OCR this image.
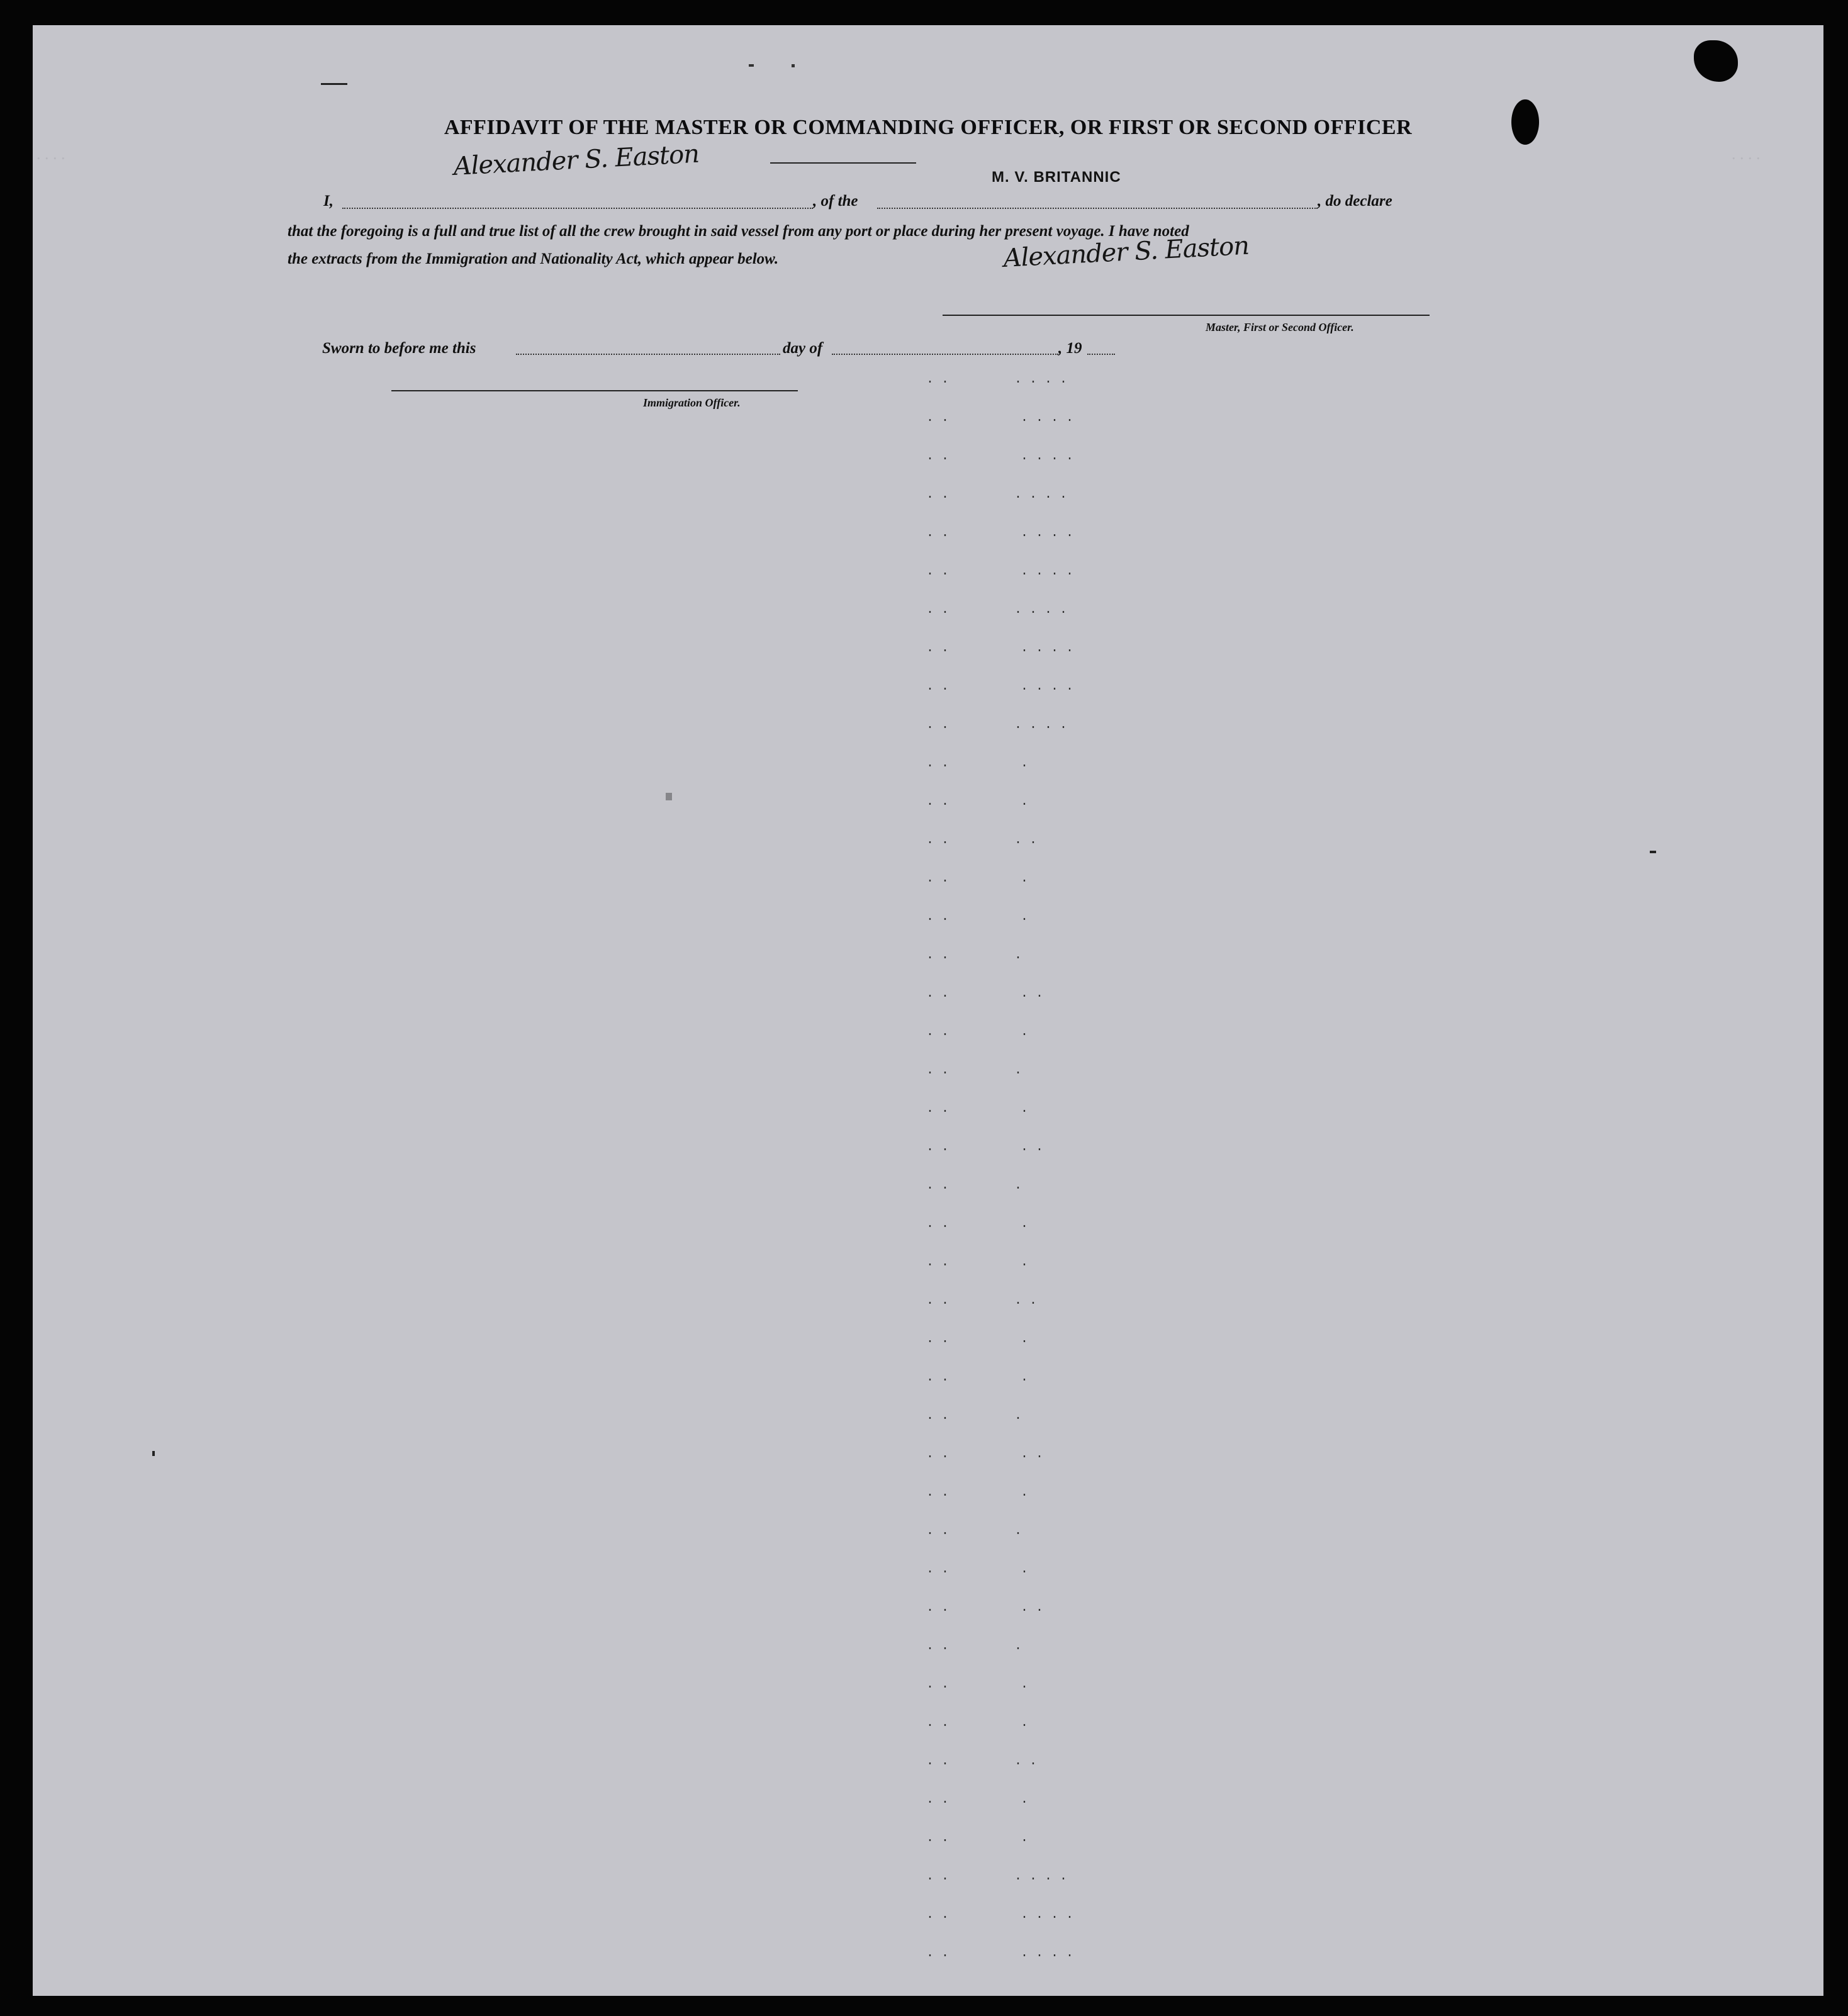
. . . .	. . . .
AFFIDAVIT OF THE MASTER OR COMMANDING OFFICER, OR FIRST OR SECOND OFFICER
M. V. BRITANNIC
Alexander S. Easton
I,	, of the	, do declare
that the foregoing is a full and true list of all the crew brought in said vessel from any port or place during her present voyage. I have noted
the extracts from the Immigration and Nationality Act, which appear below.	Alexander S. Easton
Master, First or Second Officer.
Sworn to before me this	day of	, 19
Immigration Officer.
..	....
..	....
..	....
..	....
..	....
..	....
..	....
..	....
..	....
..	....
..	.
..	.
..	..
..	.
..	.
..	.
..	..
..	.
..	.
..	.
..	..
..	.
..	.
..	.
..	..
..	.
..	.
..	.
..	..
..	.
..	.
..	.
..	..
..	.
..	.
..	.
..	..
..	.
..	.
..	....
..	....
..	....
